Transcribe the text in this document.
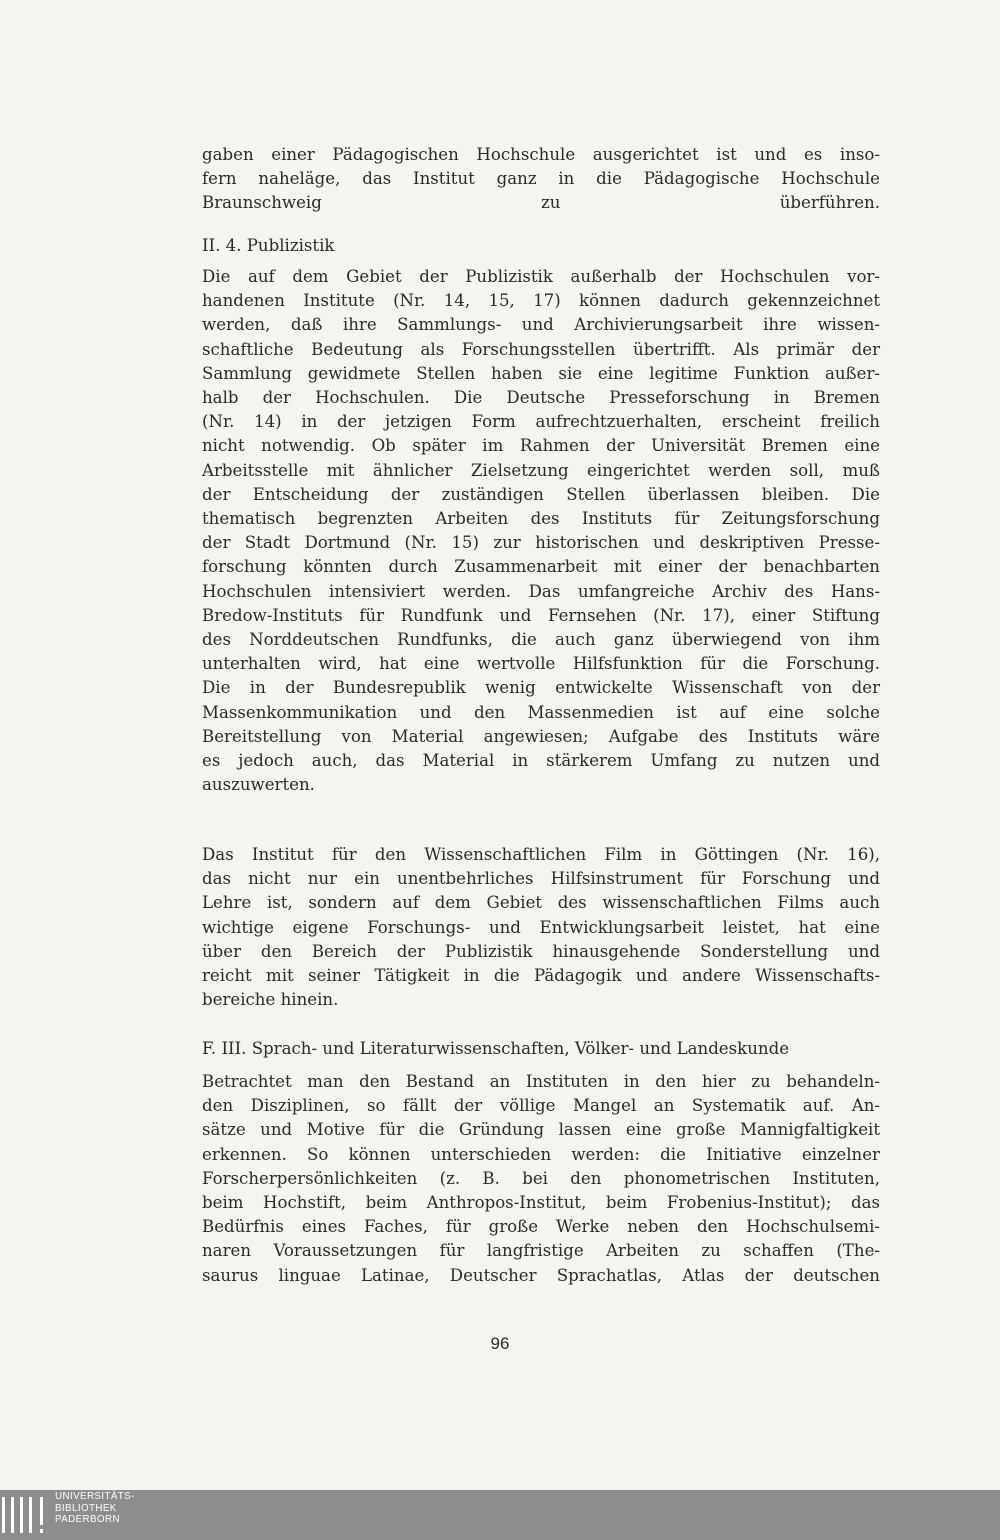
gaben einer Pädagogischen Hochschule ausgerichtet ist und es inso-
fern naheläge, das Institut ganz in die Pädagogische Hochschule
Braunschweig zu überführen.
II. 4. Publizistik
Die auf dem Gebiet der Publizistik außerhalb der Hochschulen vor-
handenen Institute (Nr. 14, 15, 17) können dadurch gekennzeichnet
werden, daß ihre Sammlungs- und Archivierungsarbeit ihre wissen-
schaftliche Bedeutung als Forschungsstellen übertrifft. Als primär der
Sammlung gewidmete Stellen haben sie eine legitime Funktion außer-
halb der Hochschulen. Die Deutsche Presseforschung in Bremen
(Nr. 14) in der jetzigen Form aufrechtzuerhalten, erscheint freilich
nicht notwendig. Ob später im Rahmen der Universität Bremen eine
Arbeitsstelle mit ähnlicher Zielsetzung eingerichtet werden soll, muß
der Entscheidung der zuständigen Stellen überlassen bleiben. Die
thematisch begrenzten Arbeiten des Instituts für Zeitungsforschung
der Stadt Dortmund (Nr. 15) zur historischen und deskriptiven Presse-
forschung könnten durch Zusammenarbeit mit einer der benachbarten
Hochschulen intensiviert werden. Das umfangreiche Archiv des Hans-
Bredow-Instituts für Rundfunk und Fernsehen (Nr. 17), einer Stiftung
des Norddeutschen Rundfunks, die auch ganz überwiegend von ihm
unterhalten wird, hat eine wertvolle Hilfsfunktion für die Forschung.
Die in der Bundesrepublik wenig entwickelte Wissenschaft von der
Massenkommunikation und den Massenmedien ist auf eine solche
Bereitstellung von Material angewiesen; Aufgabe des Instituts wäre
es jedoch auch, das Material in stärkerem Umfang zu nutzen und
auszuwerten.
Das Institut für den Wissenschaftlichen Film in Göttingen (Nr. 16),
das nicht nur ein unentbehrliches Hilfsinstrument für Forschung und
Lehre ist, sondern auf dem Gebiet des wissenschaftlichen Films auch
wichtige eigene Forschungs- und Entwicklungsarbeit leistet, hat eine
über den Bereich der Publizistik hinausgehende Sonderstellung und
reicht mit seiner Tätigkeit in die Pädagogik und andere Wissenschafts-
bereiche hinein.
F. III. Sprach- und Literaturwissenschaften, Völker- und Landeskunde
Betrachtet man den Bestand an Instituten in den hier zu behandeln-
den Disziplinen, so fällt der völlige Mangel an Systematik auf. An-
sätze und Motive für die Gründung lassen eine große Mannigfaltigkeit
erkennen. So können unterschieden werden: die Initiative einzelner
Forscherpersönlichkeiten (z. B. bei den phonometrischen Instituten,
beim Hochstift, beim Anthropos-Institut, beim Frobenius-Institut); das
Bedürfnis eines Faches, für große Werke neben den Hochschulsemi-
naren Voraussetzungen für langfristige Arbeiten zu schaffen (The-
saurus linguae Latinae, Deutscher Sprachatlas, Atlas der deutschen
96
UNIVERSITÄTS-
BIBLIOTHEK
PADERBORN
